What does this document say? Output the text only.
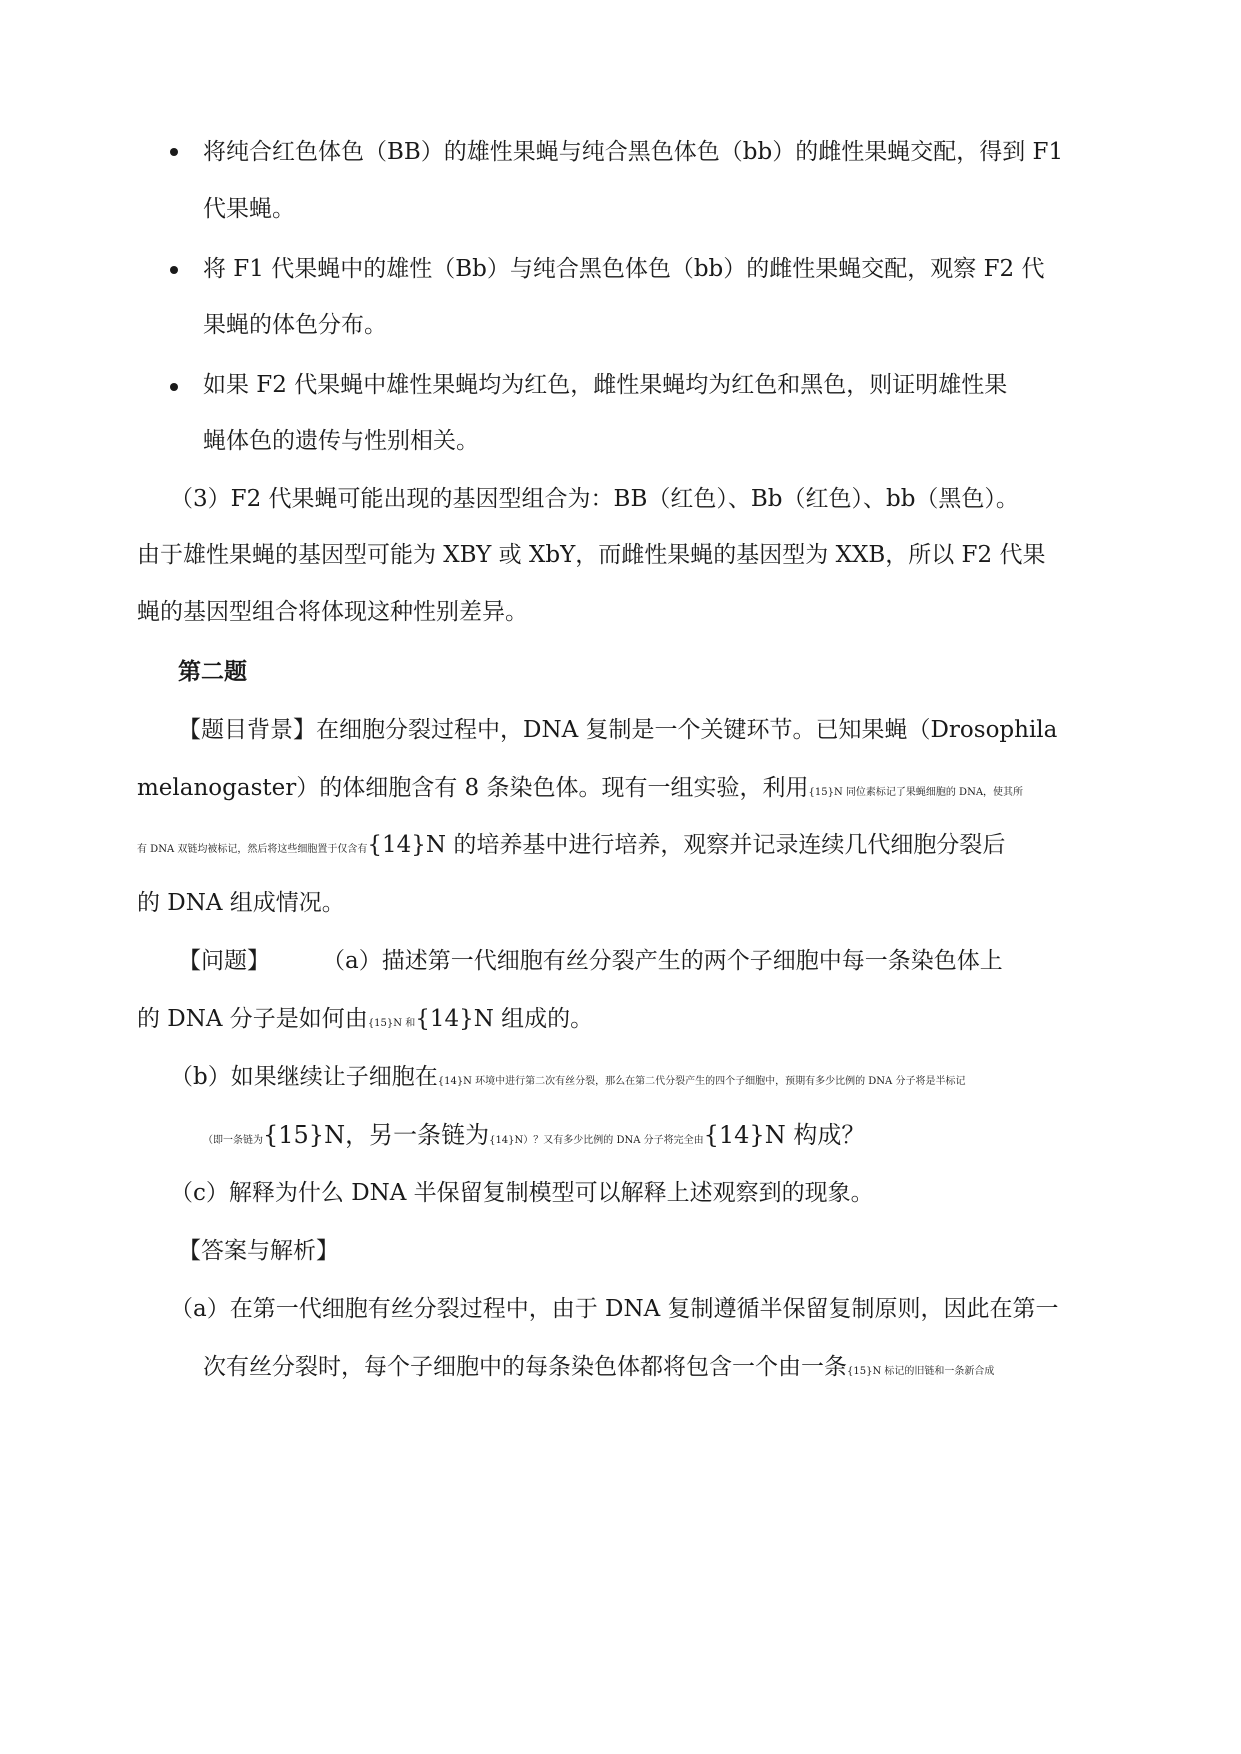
将纯合红色体色（BB）的雄性果蝇与纯合黑色体色（bb）的雌性果蝇交配，得到 F1
代果蝇。
将 F1 代果蝇中的雄性（Bb）与纯合黑色体色（bb）的雌性果蝇交配，观察 F2 代
果蝇的体色分布。
如果 F2 代果蝇中雄性果蝇均为红色，雌性果蝇均为红色和黑色，则证明雄性果
蝇体色的遗传与性别相关。
（3）F2 代果蝇可能出现的基因型组合为：BB（红色）、Bb（红色）、bb（黑色）。
由于雄性果蝇的基因型可能为 XBY 或 XbY，而雌性果蝇的基因型为 XXB，所以 F2 代果
蝇的基因型组合将体现这种性别差异。
第二题
【题目背景】在细胞分裂过程中，DNA 复制是一个关键环节。已知果蝇（Drosophila
melanogaster）的体细胞含有 8 条染色体。现有一组实验，利用{15}N 同位素标记了果蝇细胞的 DNA，使其所
有 DNA 双链均被标记，然后将这些细胞置于仅含有{14}N 的培养基中进行培养，观察并记录连续几代细胞分裂后
的 DNA 组成情况。
【问题】 （a）描述第一代细胞有丝分裂产生的两个子细胞中每一条染色体上
的 DNA 分子是如何由{15}N 和{14}N 组成的。
（b）如果继续让子细胞在{14}N 环境中进行第二次有丝分裂，那么在第二代分裂产生的四个子细胞中，预期有多少比例的 DNA 分子将是半标记
（即一条链为{15}N，另一条链为{14}N）？又有多少比例的 DNA 分子将完全由{14}N 构成？
（c）解释为什么 DNA 半保留复制模型可以解释上述观察到的现象。
【答案与解析】
（a）在第一代细胞有丝分裂过程中，由于 DNA 复制遵循半保留复制原则，因此在第一
次有丝分裂时，每个子细胞中的每条染色体都将包含一个由一条{15}N 标记的旧链和一条新合成
